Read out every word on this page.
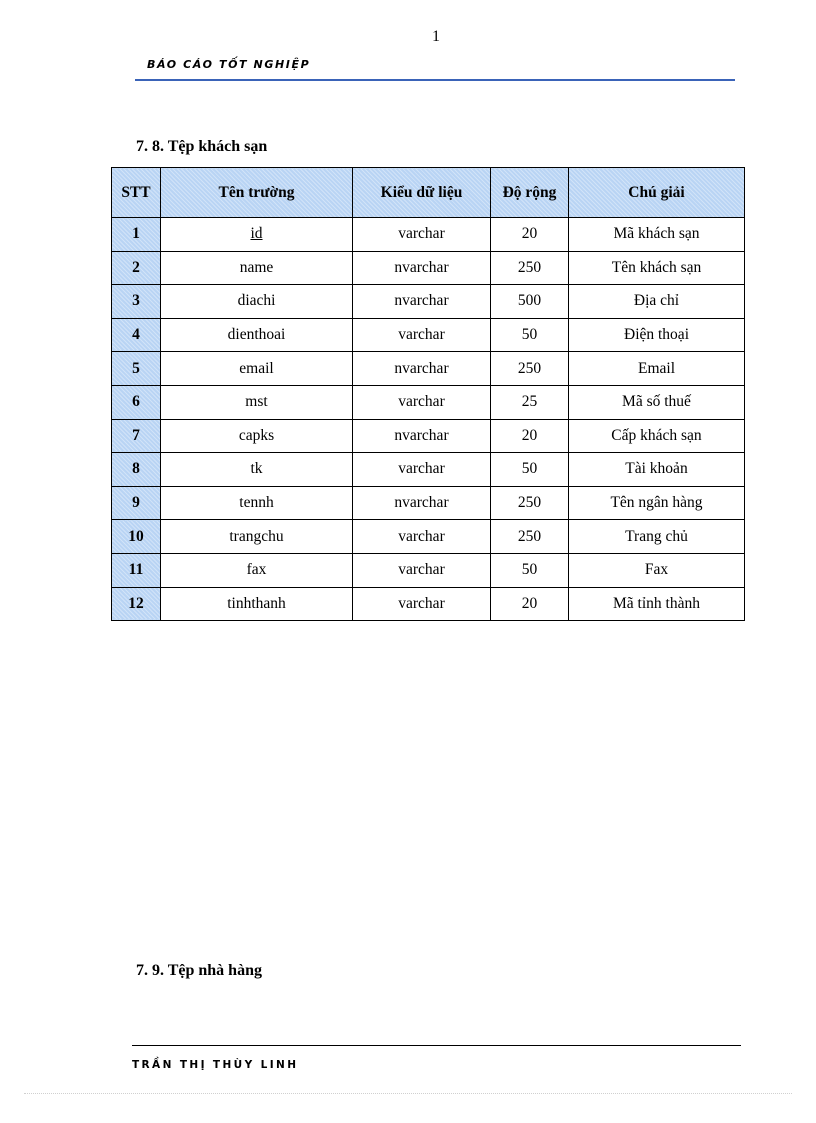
1
BÁO CÁO TỐT NGHIỆP
7. 8. Tệp khách sạn
STT	Tên trường	Kiểu dữ liệu	Độ rộng	Chú giải
1	id	varchar	20	Mã khách sạn
2	name	nvarchar	250	Tên khách sạn
3	diachi	nvarchar	500	Địa chỉ
4	dienthoai	varchar	50	Điện thoại
5	email	nvarchar	250	Email
6	mst	varchar	25	Mã số thuế
7	capks	nvarchar	20	Cấp khách sạn
8	tk	varchar	50	Tài khoản
9	tennh	nvarchar	250	Tên ngân hàng
10	trangchu	varchar	250	Trang chủ
11	fax	varchar	50	Fax
12	tinhthanh	varchar	20	Mã tỉnh thành
7. 9. Tệp nhà hàng
TRẦN THỊ THÙY LINH
